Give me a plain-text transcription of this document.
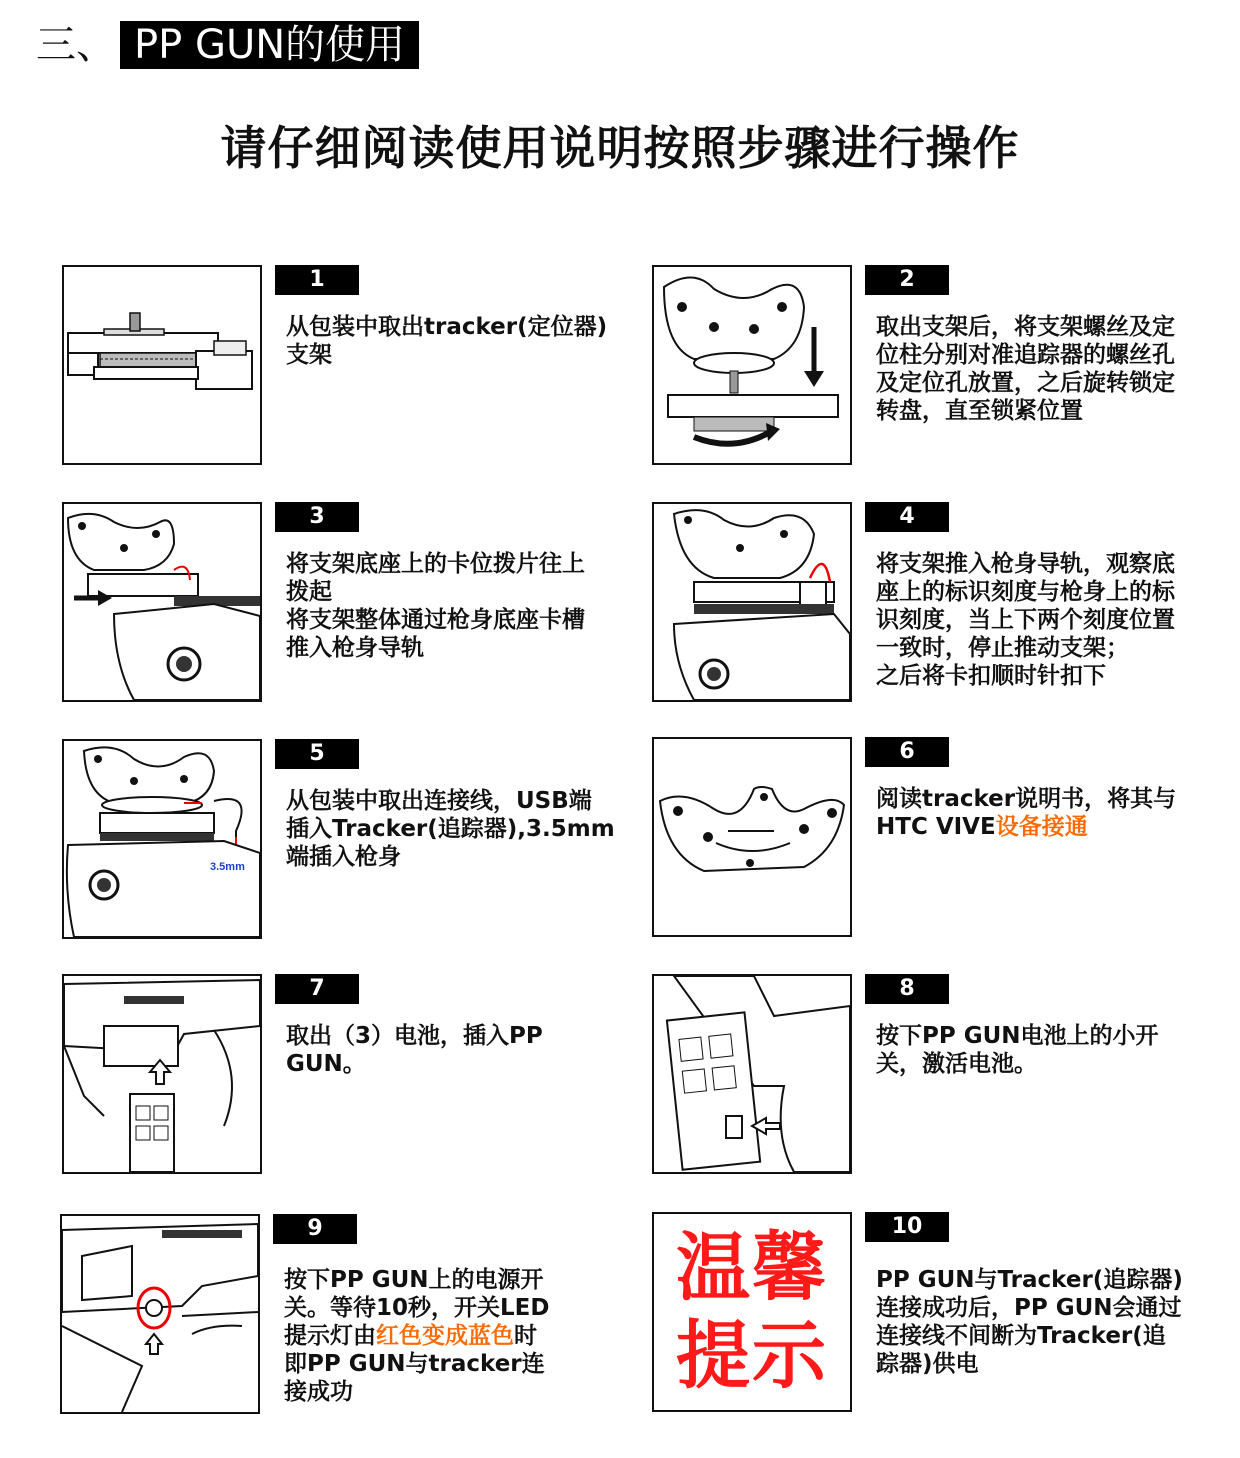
三、 PP GUN的使用
请仔细阅读使用说明按照步骤进行操作
1

从包装中取出tracker(定位器)

支架

2

取出支架后，将支架螺丝及定

位柱分别对准追踪器的螺丝孔

及定位孔放置，之后旋转锁定

转盘，直至锁紧位置

3

将支架底座上的卡位拨片往上

拨起

将支架整体通过枪身底座卡槽

推入枪身导轨

4

将支架推入枪身导轨，观察底

座上的标识刻度与枪身上的标

识刻度，当上下两个刻度位置

一致时，停止推动支架；

之后将卡扣顺时针扣下

3.5mm
5

从包装中取出连接线，USB端

插入Tracker(追踪器),3.5mm

端插入枪身

6

阅读tracker说明书，将其与

HTC VIVE设备接通

7

取出（3）电池，插入PP

GUN。

8

按下PP GUN电池上的小开

关，激活电池。

9

按下PP GUN上的电源开

关。等待10秒，开关LED

提示灯由红色变成蓝色时

即PP GUN与tracker连

接成功

温馨
提示
10

PP GUN与Tracker(追踪器)

连接成功后，PP GUN会通过

连接线不间断为Tracker(追

踪器)供电
